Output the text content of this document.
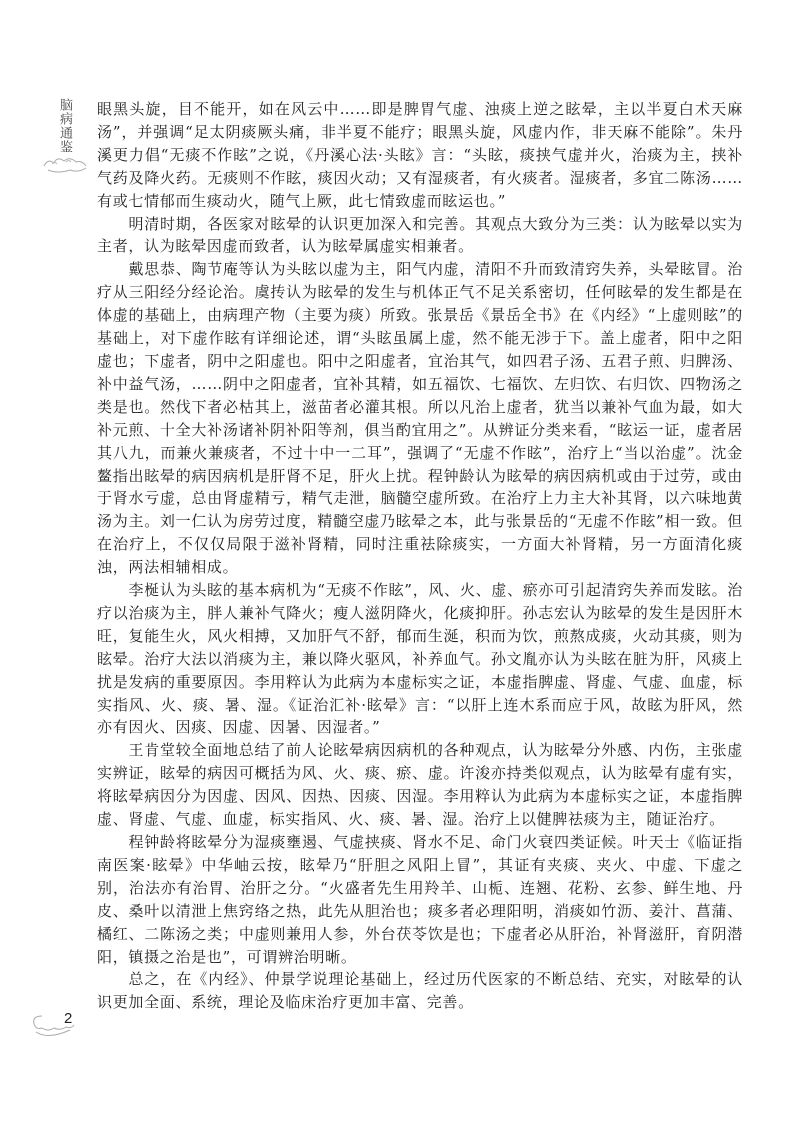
脑病通鉴 眼黑头旋，目不能开，如在风云中……即是脾胃气虚、浊痰上逆之眩晕，主以半夏白术天麻汤”，并强调“足太阴痰厥头痛，非半夏不能疗；眼黑头旋，风虚内作，非天麻不能除”。朱丹溪更力倡“无痰不作眩”之说，《丹溪心法·头眩》言：“头眩，痰挟气虚并火，治痰为主，挟补气药及降火药。无痰则不作眩，痰因火动；又有湿痰者，有火痰者。湿痰者，多宜二陈汤……有或七情郁而生痰动火，随气上厥，此七情致虚而眩运也。”

明清时期，各医家对眩晕的认识更加深入和完善。其观点大致分为三类：认为眩晕以实为主者，认为眩晕因虚而致者，认为眩晕属虚实相兼者。

戴思恭、陶节庵等认为头眩以虚为主，阳气内虚，清阳不升而致清窍失养，头晕眩冒。治疗从三阳经分经论治。虞抟认为眩晕的发生与机体正气不足关系密切，任何眩晕的发生都是在体虚的基础上，由病理产物（主要为痰）所致。张景岳《景岳全书》在《内经》“上虚则眩”的基础上，对下虚作眩有详细论述，谓“头眩虽属上虚，然不能无涉于下。盖上虚者，阳中之阳虚也；下虚者，阴中之阳虚也。阳中之阳虚者，宜治其气，如四君子汤、五君子煎、归脾汤、补中益气汤，……阴中之阳虚者，宜补其精，如五福饮、七福饮、左归饮、右归饮、四物汤之类是也。然伐下者必枯其上，滋苗者必灌其根。所以凡治上虚者，犹当以兼补气血为最，如大补元煎、十全大补汤诸补阴补阳等剂，俱当酌宜用之”。从辨证分类来看，“眩运一证，虚者居其八九，而兼火兼痰者，不过十中一二耳”，强调了“无虚不作眩”，治疗上“当以治虚”。沈金鳌指出眩晕的病因病机是肝肾不足，肝火上扰。程钟龄认为眩晕的病因病机或由于过劳，或由于肾水亏虚，总由肾虚精亏，精气走泄，脑髓空虚所致。在治疗上力主大补其肾，以六味地黄汤为主。刘一仁认为房劳过度，精髓空虚乃眩晕之本，此与张景岳的“无虚不作眩”相一致。但在治疗上，不仅仅局限于滋补肾精，同时注重祛除痰实，一方面大补肾精，另一方面清化痰浊，两法相辅相成。

李梴认为头眩的基本病机为“无痰不作眩”，风、火、虚、瘀亦可引起清窍失养而发眩。治疗以治痰为主，胖人兼补气降火；瘦人滋阴降火，化痰抑肝。孙志宏认为眩晕的发生是因肝木旺，复能生火，风火相搏，又加肝气不舒，郁而生涎，积而为饮，煎熬成痰，火动其痰，则为眩晕。治疗大法以消痰为主，兼以降火驱风，补养血气。孙文胤亦认为头眩在脏为肝，风痰上扰是发病的重要原因。李用粹认为此病为本虚标实之证，本虚指脾虚、肾虚、气虚、血虚，标实指风、火、痰、暑、湿。《证治汇补·眩晕》言：“以肝上连木系而应于风，故眩为肝风，然亦有因火、因痰、因虚、因暑、因湿者。”

王肯堂较全面地总结了前人论眩晕病因病机的各种观点，认为眩晕分外感、内伤，主张虚实辨证，眩晕的病因可概括为风、火、痰、瘀、虚。许浚亦持类似观点，认为眩晕有虚有实，将眩晕病因分为因虚、因风、因热、因痰、因湿。李用粹认为此病为本虚标实之证，本虚指脾虚、肾虚、气虚、血虚，标实指风、火、痰、暑、湿。治疗上以健脾祛痰为主，随证治疗。

程钟龄将眩晕分为湿痰壅遏、气虚挟痰、肾水不足、命门火衰四类证候。叶天士《临证指南医案·眩晕》中华岫云按，眩晕乃“肝胆之风阳上冒”，其证有夹痰、夹火、中虚、下虚之别，治法亦有治胃、治肝之分。“火盛者先生用羚羊、山栀、连翘、花粉、玄参、鲜生地、丹皮、桑叶以清泄上焦窍络之热，此先从胆治也；痰多者必理阳明，消痰如竹沥、姜汁、菖蒲、橘红、二陈汤之类；中虚则兼用人参，外台茯苓饮是也；下虚者必从肝治，补肾滋肝，育阴潜阳，镇摄之治是也”，可谓辨治明晰。

总之，在《内经》、仲景学说理论基础上，经过历代医家的不断总结、充实，对眩晕的认识更加全面、系统，理论及临床治疗更加丰富、完善。

2
